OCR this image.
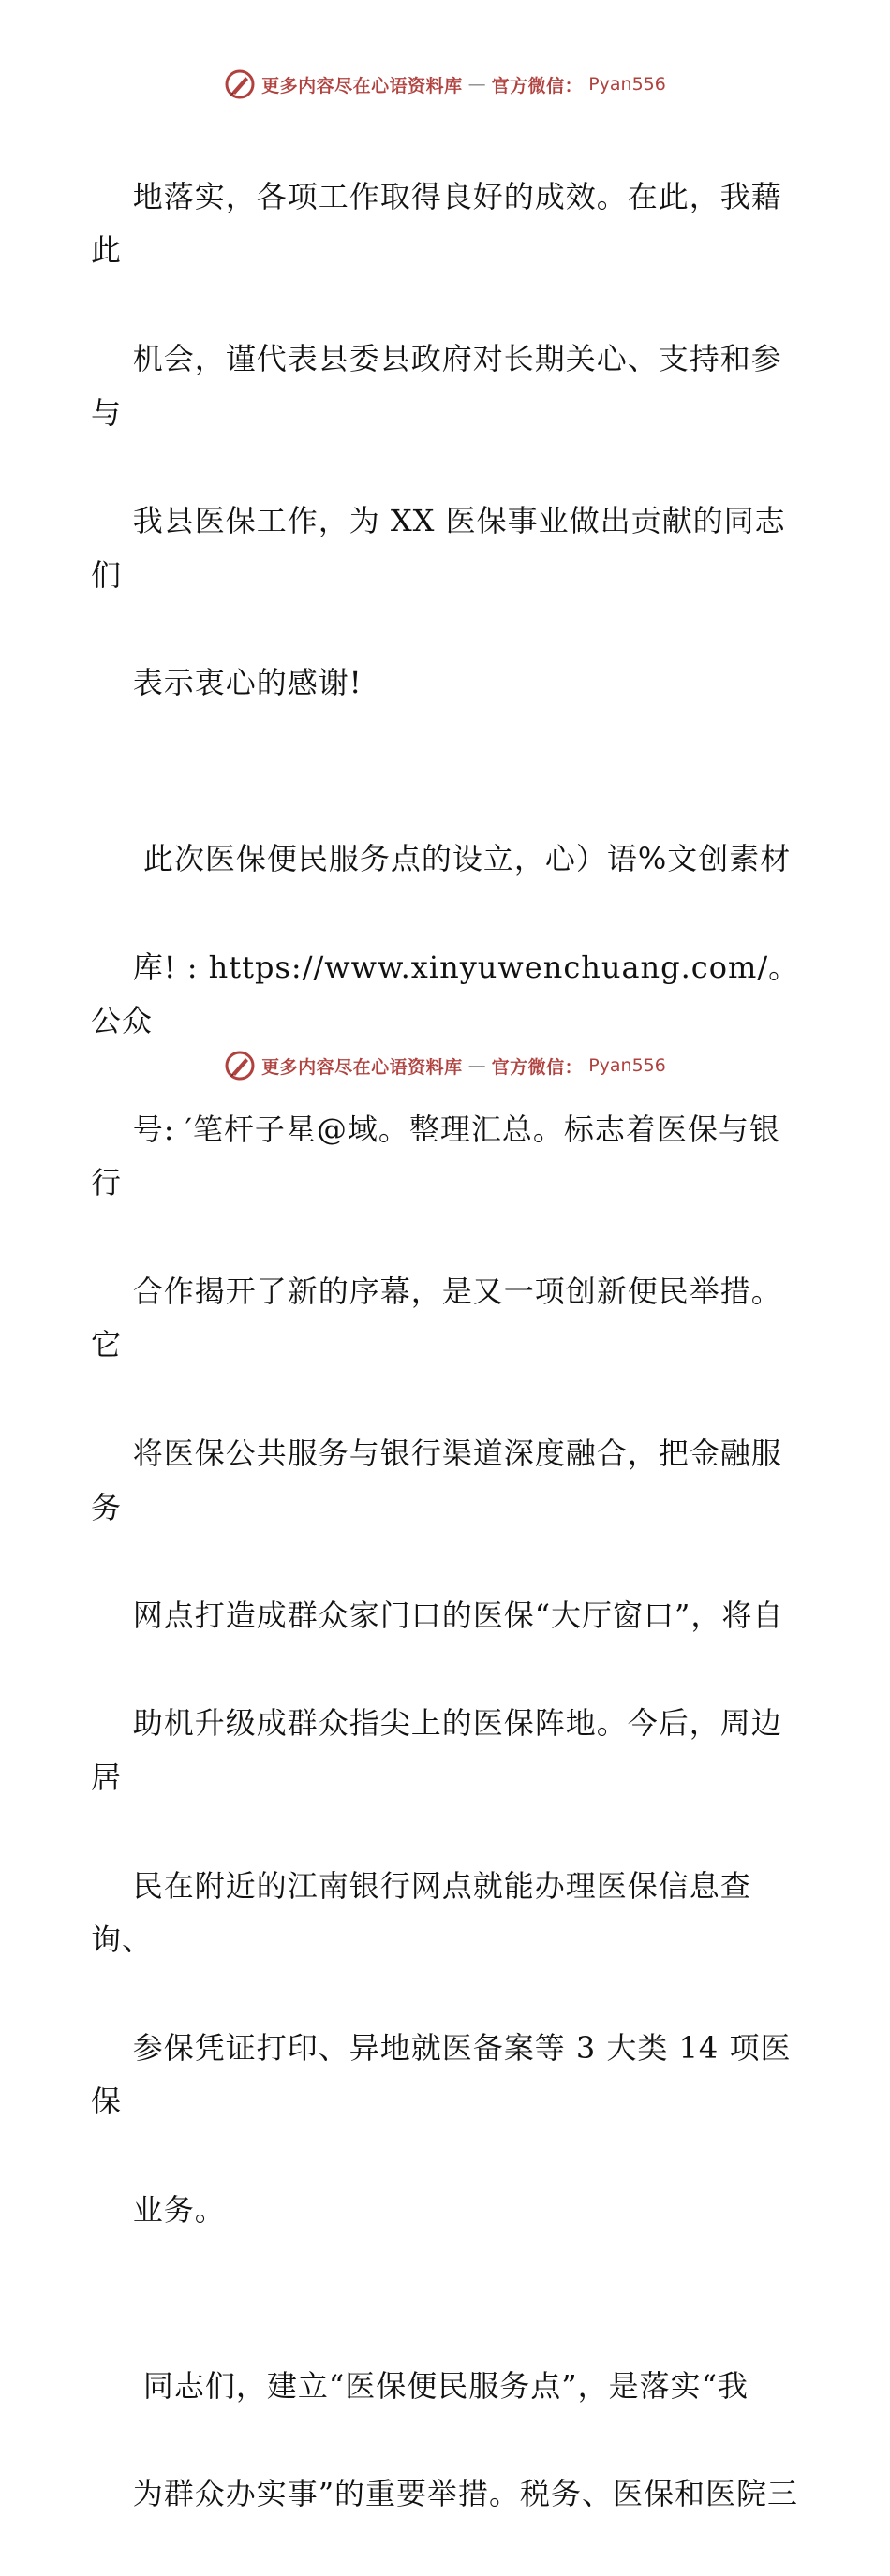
更多内容尽在心语资料库 — 官方微信： Pyan556

地落实，各项工作取得良好的成效。在此，我藉此

机会，谨代表县委县政府对长期关心、支持和参与

我县医保工作，为 XX 医保事业做出贡献的同志们

表示衷心的感谢!

此次医保便民服务点的设立，心）语%文创素材

库! : https://www.xinyuwenchuang.com/。公众

号: ′笔杆子星@域。整理汇总。标志着医保与银行

合作揭开了新的序幕，是又一项创新便民举措。它

将医保公共服务与银行渠道深度融合，把金融服务

网点打造成群众家门口的医保“大厅窗口”，将自

助机升级成群众指尖上的医保阵地。今后，周边居

民在附近的江南银行网点就能办理医保信息查询、

参保凭证打印、异地就医备案等 3 大类 14 项医保

业务。

同志们，建立“医保便民服务点”，是落实“我

为群众办实事”的重要举措。税务、医保和医院三

更多内容尽在心语资料库 — 官方微信： Pyan556
